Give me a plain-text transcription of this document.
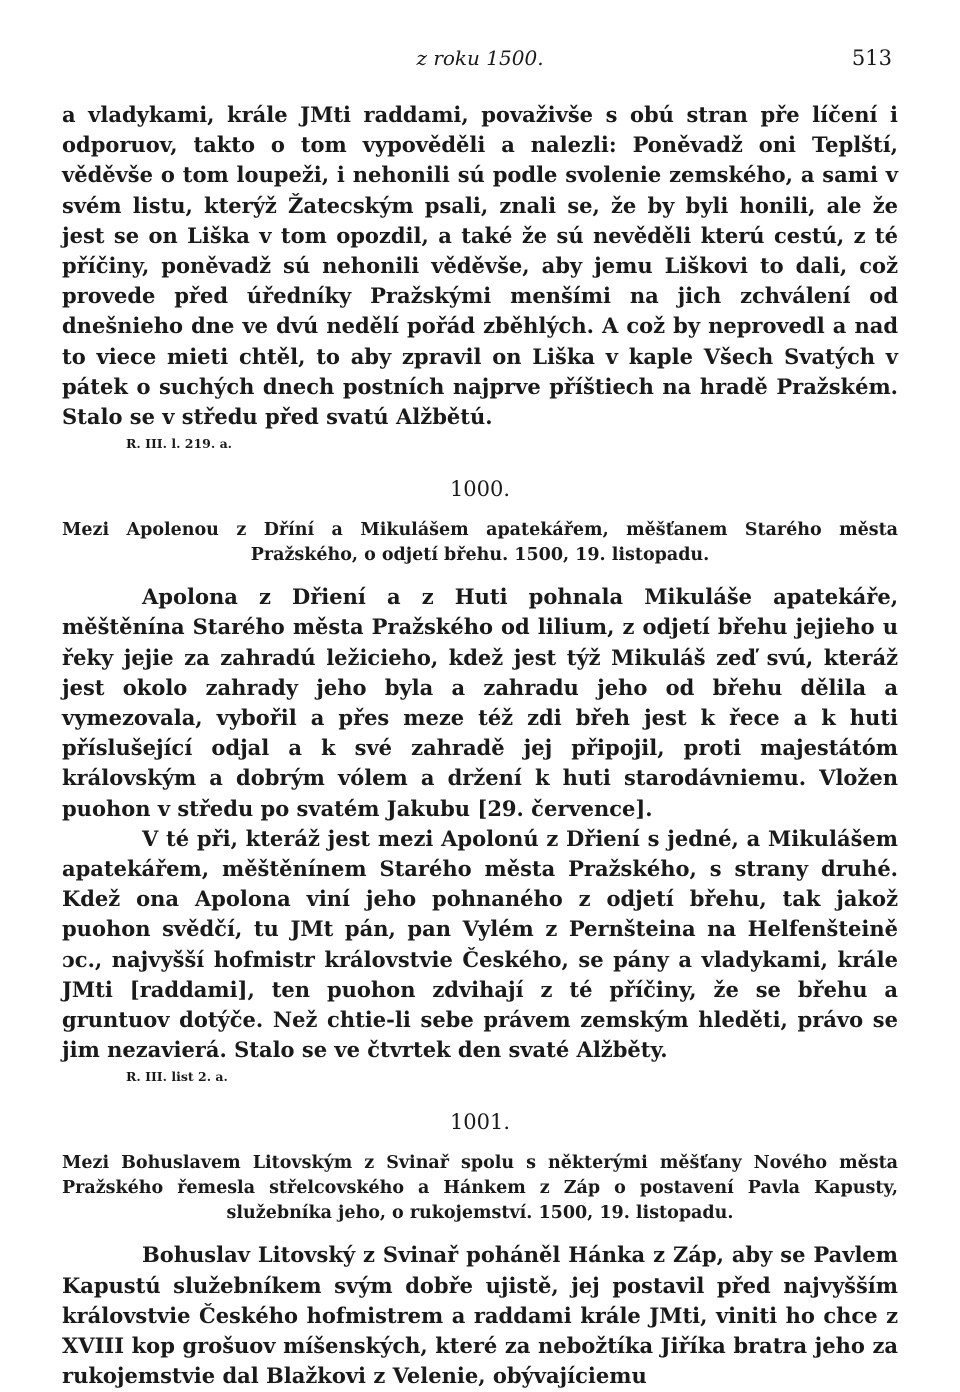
z roku 1500.	513

a vladykami, krále JMti raddami, považivše s obú stran pře líčení i odporuov, takto o tom vypověděli a nalezli: Poněvadž oni Teplští, věděvše o tom loupeži, i nehonili sú podle svolenie zemského, a sami v svém listu, kterýž Žatecským psali, znali se, že by byli honili, ale že jest se on Liška v tom opozdil, a také že sú nevěděli kterú cestú, z té příčiny, poněvadž sú nehonili věděvše, aby jemu Liškovi to dali, což provede před úředníky Pražskými menšími na jich zchválení od dnešnieho dne ve dvú nedělí pořád zběhlých. A což by neprovedl a nad to viece mieti chtěl, to aby zpravil on Liška v kaple Všech Svatých v pátek o suchých dnech postních najprve příštiech na hradě Pražském. Stalo se v středu před svatú Alžbětú.

R. III. l. 219. a.

1000.

Mezi Apolenou z Dříní a Mikulášem apatekářem, měšťanem Starého města Pražského, o odjetí břehu. 1500, 19. listopadu.

Apolona z Dřiení a z Huti pohnala Mikuláše apatekáře, měštěnína Starého města Pražského od lilium, z odjetí břehu jejieho u řeky jejie za zahradú ležicieho, kdež jest týž Mikuláš zeď svú, kteráž jest okolo zahrady jeho byla a zahradu jeho od břehu dělila a vymezovala, vybořil a přes meze též zdi břeh jest k řece a k huti příslušející odjal a k své zahradě jej připojil, proti majestátóm královským a dobrým vólem a držení k huti starodávniemu. Vložen puohon v středu po svatém Jakubu [29. července].

V té při, kteráž jest mezi Apolonú z Dřiení s jedné, a Mikulášem apatekářem, měštěnínem Starého města Pražského, s strany druhé. Kdež ona Apolona viní jeho pohnaného z odjetí břehu, tak jakož puohon svědčí, tu JMt pán, pan Vylém z Pernšteina na Helfenšteině ɔc., najvyšší hofmistr královstvie Českého, se pány a vladykami, krále JMti [raddami], ten puohon zdvihají z té příčiny, že se břehu a gruntuov dotýče. Než chtie-li sebe právem zemským hleděti, právo se jim nezavierá. Stalo se ve čtvrtek den svaté Alžběty.

R. III. list 2. a.

1001.

Mezi Bohuslavem Litovským z Svinař spolu s některými měšťany Nového města Pražského řemesla střelcovského a Hánkem z Záp o postavení Pavla Kapusty, služebníka jeho, o rukojemství. 1500, 19. listopadu.

Bohuslav Litovský z Svinař poháněl Hánka z Záp, aby se Pavlem Kapustú služebníkem svým dobře ujistě, jej postavil před najvyšším královstvie Českého hofmistrem a raddami krále JMti, viniti ho chce z XVIII kop grošuov míšenských, které za nebožtíka Jiříka bratra jeho za rukojemstvie dal Blažkovi z Velenie, obývajíciemu
